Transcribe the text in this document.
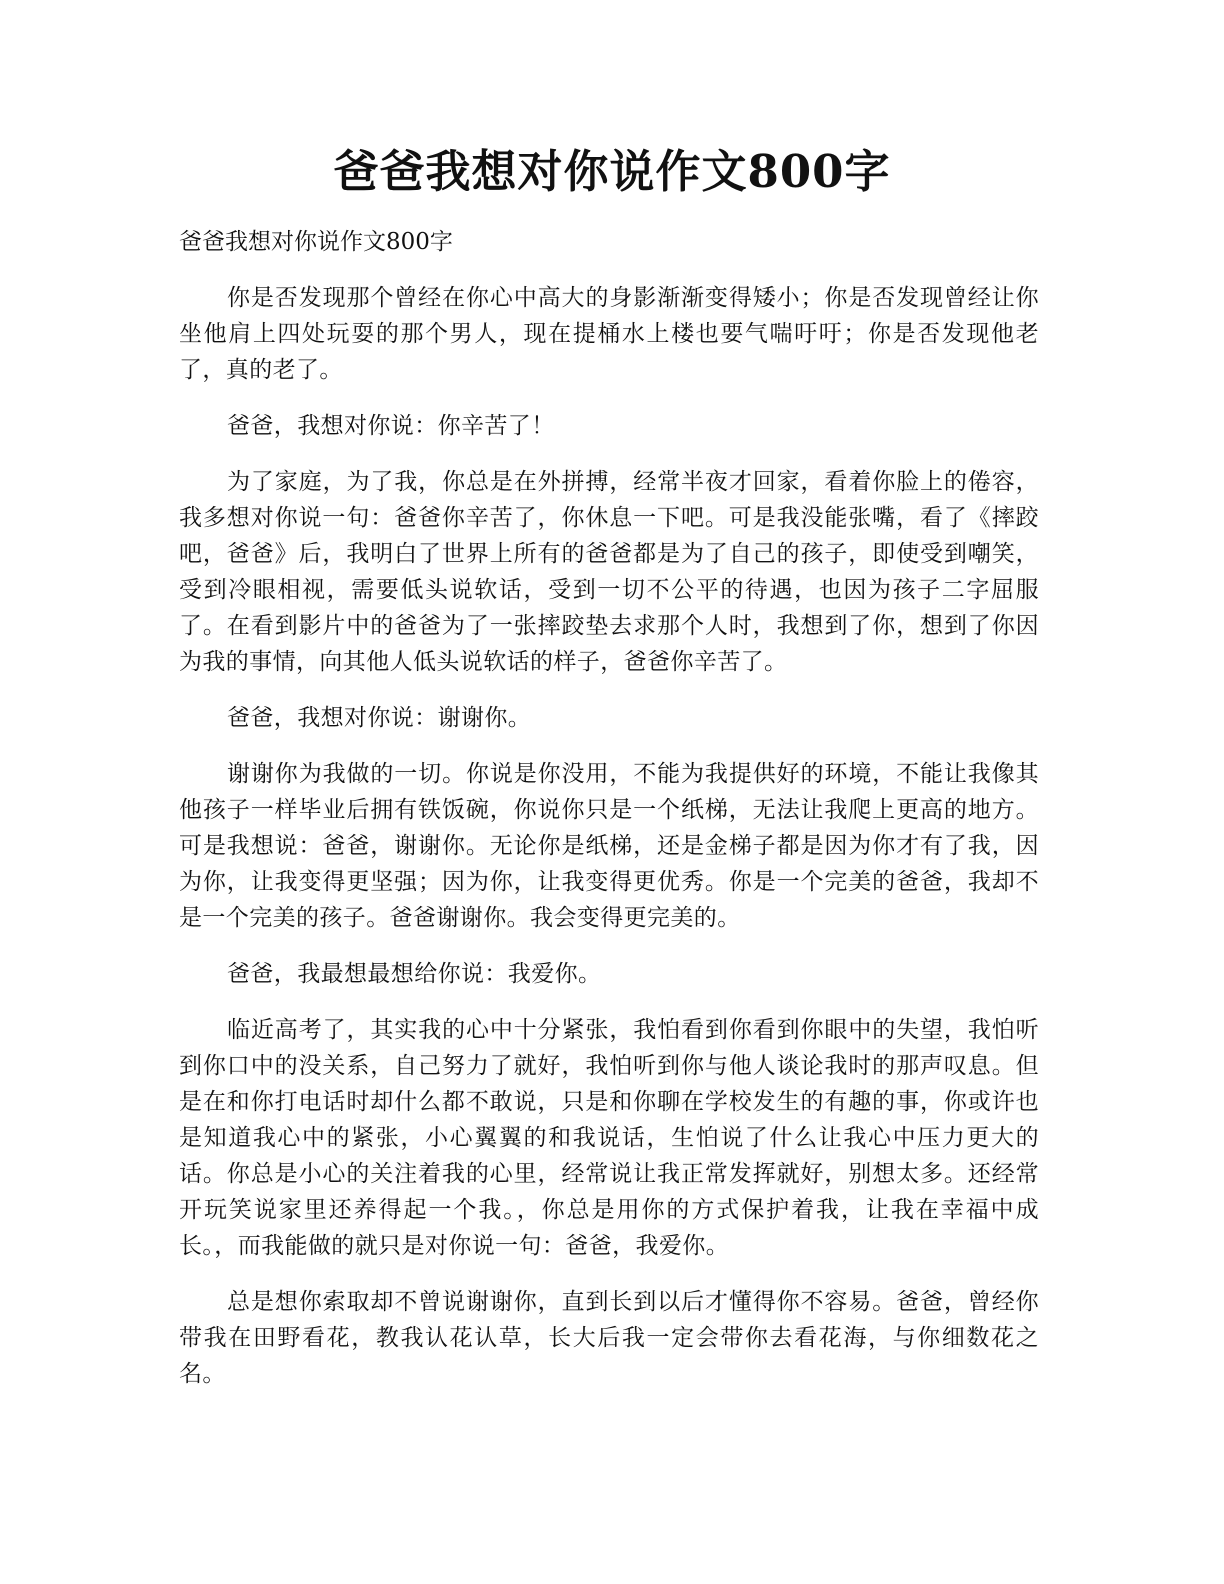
爸爸我想对你说作文800字

爸爸我想对你说作文800字

你是否发现那个曾经在你心中高大的身影渐渐变得矮小；你是否发现曾经让你坐他肩上四处玩耍的那个男人，现在提桶水上楼也要气喘吁吁；你是否发现他老了，真的老了。

爸爸，我想对你说：你辛苦了！

为了家庭，为了我，你总是在外拼搏，经常半夜才回家，看着你脸上的倦容，我多想对你说一句：爸爸你辛苦了，你休息一下吧。可是我没能张嘴，看了《摔跤吧，爸爸》后，我明白了世界上所有的爸爸都是为了自己的孩子，即使受到嘲笑，受到冷眼相视，需要低头说软话，受到一切不公平的待遇，也因为孩子二字屈服了。在看到影片中的爸爸为了一张摔跤垫去求那个人时，我想到了你，想到了你因为我的事情，向其他人低头说软话的样子，爸爸你辛苦了。

爸爸，我想对你说：谢谢你。

谢谢你为我做的一切。你说是你没用，不能为我提供好的环境，不能让我像其他孩子一样毕业后拥有铁饭碗，你说你只是一个纸梯，无法让我爬上更高的地方。可是我想说：爸爸，谢谢你。无论你是纸梯，还是金梯子都是因为你才有了我，因为你，让我变得更坚强；因为你，让我变得更优秀。你是一个完美的爸爸，我却不是一个完美的孩子。爸爸谢谢你。我会变得更完美的。

爸爸，我最想最想给你说：我爱你。

临近高考了，其实我的心中十分紧张，我怕看到你看到你眼中的失望，我怕听到你口中的没关系，自己努力了就好，我怕听到你与他人谈论我时的那声叹息。但是在和你打电话时却什么都不敢说，只是和你聊在学校发生的有趣的事，你或许也是知道我心中的紧张，小心翼翼的和我说话，生怕说了什么让我心中压力更大的话。你总是小心的关注着我的心里，经常说让我正常发挥就好，别想太多。还经常开玩笑说家里还养得起一个我。，你总是用你的方式保护着我，让我在幸福中成长。，而我能做的就只是对你说一句：爸爸，我爱你。

总是想你索取却不曾说谢谢你，直到长到以后才懂得你不容易。爸爸，曾经你带我在田野看花，教我认花认草，长大后我一定会带你去看花海，与你细数花之名。
